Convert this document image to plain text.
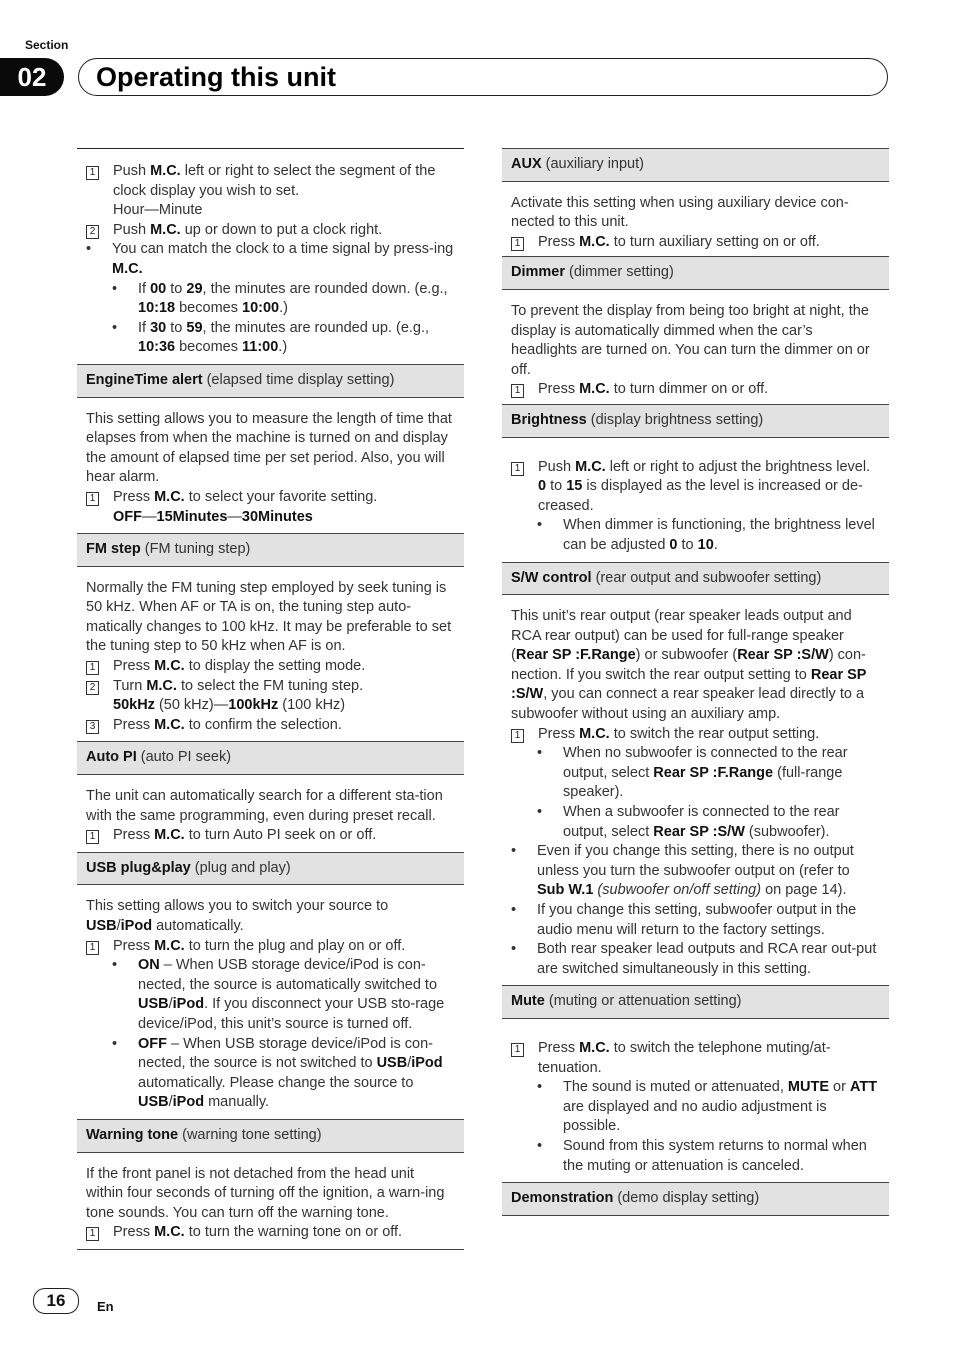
Section
02	Operating this unit
1 Push M.C. left or right to select the segment of the clock display you wish to set.
Hour—Minute
2 Push M.C. up or down to put a clock right.
•	You can match the clock to a time signal by press-ing M.C.
•	If 00 to 29, the minutes are rounded down. (e.g., 10:18 becomes 10:00.)
•	If 30 to 59, the minutes are rounded up. (e.g., 10:36 becomes 11:00.)
EngineTime alert (elapsed time display setting)

This setting allows you to measure the length of time that elapses from when the machine is turned on and display the amount of elapsed time per set period. Also, you will hear alarm.

1 Press M.C. to select your favorite setting.
OFF—15Minutes—30Minutes
FM step (FM tuning step)

Normally the FM tuning step employed by seek tuning is 50 kHz. When AF or TA is on, the tuning step auto-matically changes to 100 kHz. It may be preferable to set the tuning step to 50 kHz when AF is on.

1 Press M.C. to display the setting mode.
2 Turn M.C. to select the FM tuning step.
50kHz (50 kHz)—100kHz (100 kHz)
3 Press M.C. to confirm the selection.
Auto PI (auto PI seek)

The unit can automatically search for a different sta-tion with the same programming, even during preset recall.

1 Press M.C. to turn Auto PI seek on or off.
USB plug&play (plug and play)

This setting allows you to switch your source to USB/iPod automatically.

1 Press M.C. to turn the plug and play on or off.
•	ON – When USB storage device/iPod is con-nected, the source is automatically switched to USB/iPod. If you disconnect your USB sto-rage device/iPod, this unit’s source is turned off.
•	OFF – When USB storage device/iPod is con-nected, the source is not switched to USB/iPod automatically. Please change the source to USB/iPod manually.
Warning tone (warning tone setting)

If the front panel is not detached from the head unit within four seconds of turning off the ignition, a warn-ing tone sounds. You can turn off the warning tone.

1 Press M.C. to turn the warning tone on or off.
AUX (auxiliary input)

Activate this setting when using auxiliary device con-nected to this unit.

1 Press M.C. to turn auxiliary setting on or off.
Dimmer (dimmer setting)

To prevent the display from being too bright at night, the display is automatically dimmed when the car’s headlights are turned on. You can turn the dimmer on or off.

1 Press M.C. to turn dimmer on or off.
Brightness (display brightness setting)
1 Push M.C. left or right to adjust the brightness level.
0 to 15 is displayed as the level is increased or de-creased.
•	When dimmer is functioning, the brightness level can be adjusted 0 to 10.
S/W control (rear output and subwoofer setting)

This unit’s rear output (rear speaker leads output and RCA rear output) can be used for full-range speaker (Rear SP :F.Range) or subwoofer (Rear SP :S/W) con-nection. If you switch the rear output setting to Rear SP :S/W, you can connect a rear speaker lead directly to a subwoofer without using an auxiliary amp.

1 Press M.C. to switch the rear output setting.
•	When no subwoofer is connected to the rear output, select Rear SP :F.Range (full-range speaker).
•	When a subwoofer is connected to the rear output, select Rear SP :S/W (subwoofer).
•	Even if you change this setting, there is no output unless you turn the subwoofer output on (refer to Sub W.1 (subwoofer on/off setting) on page 14).
•	If you change this setting, subwoofer output in the audio menu will return to the factory settings.
•	Both rear speaker lead outputs and RCA rear out-put are switched simultaneously in this setting.
Mute (muting or attenuation setting)
1 Press M.C. to switch the telephone muting/at-tenuation.
•	The sound is muted or attenuated, MUTE or ATT are displayed and no audio adjustment is possible.
•	Sound from this system returns to normal when the muting or attenuation is canceled.
Demonstration (demo display setting)
16	En
